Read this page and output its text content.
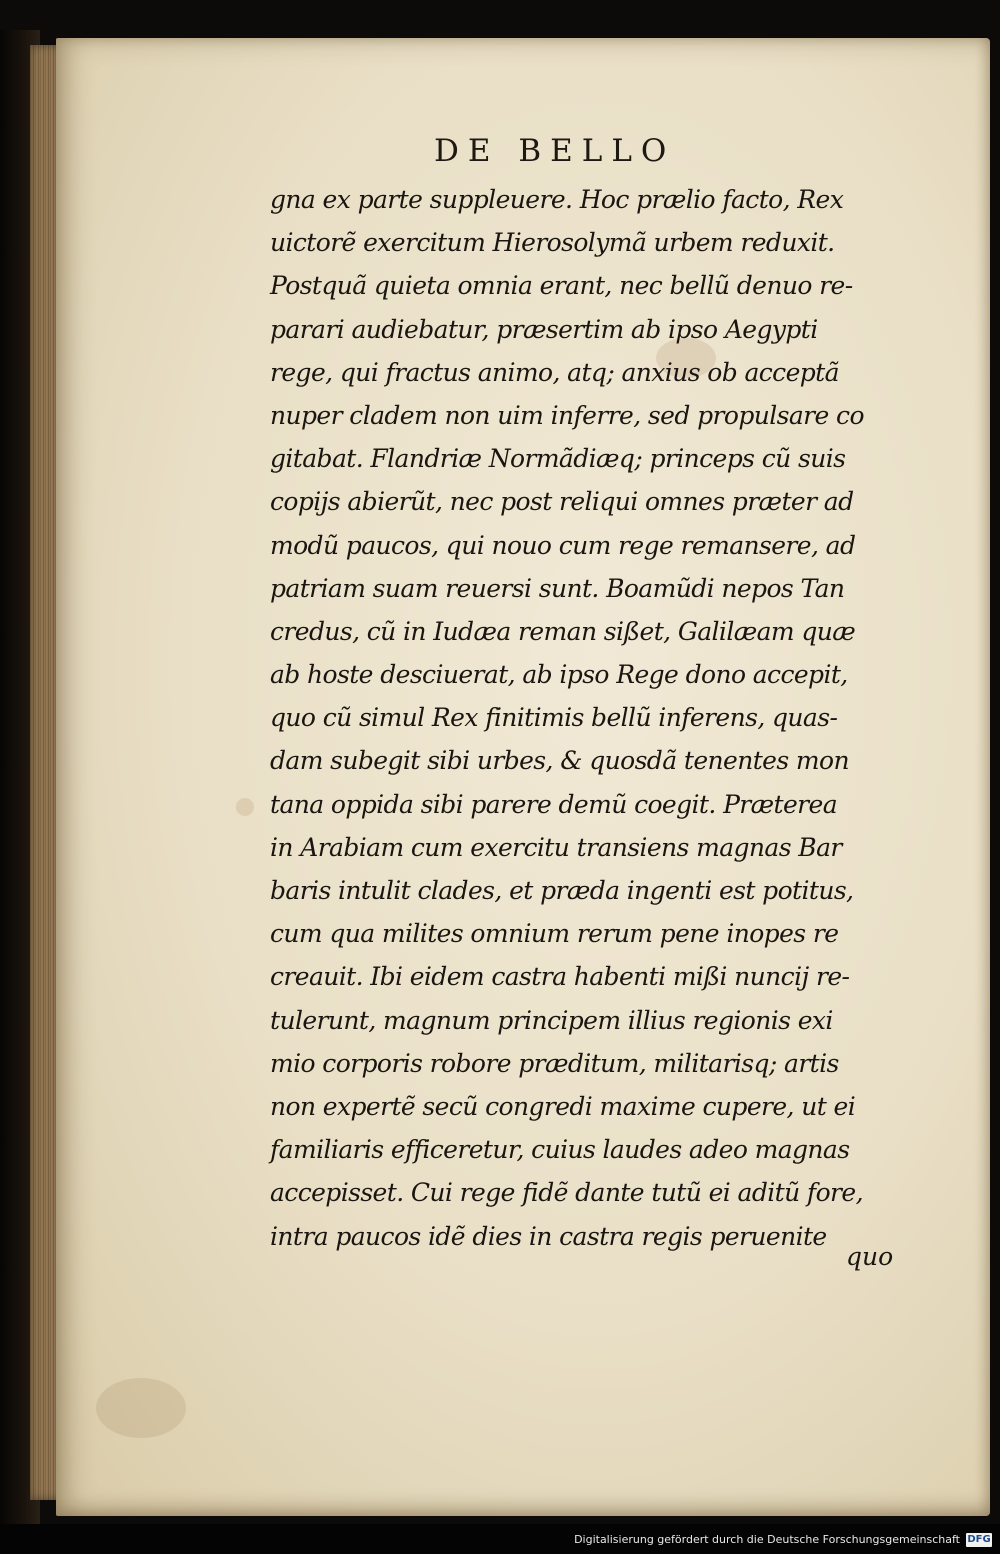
DE BELLO
gna ex parte suppleuere. Hoc prælio facto, Rex
uictorẽ exercitum Hierosolymã urbem reduxit.
Postquã quieta omnia erant, nec bellũ denuo re-
parari audiebatur, præsertim ab ipso Aegypti
rege, qui fractus animo, atq; anxius ob acceptã
nuper cladem non uim inferre, sed propulsare co
gitabat. Flandriæ Normãdiæq; princeps cũ suis
copijs abierũt, nec post reliqui omnes præter ad
modũ paucos, qui nouo cum rege remansere, ad
patriam suam reuersi sunt. Boamũdi nepos Tan
credus, cũ in Iudæa reman sißet, Galilæam quæ
ab hoste desciuerat, ab ipso Rege dono accepit,
quo cũ simul Rex finitimis bellũ inferens, quas-
dam subegit sibi urbes, & quosdã tenentes mon
tana oppida sibi parere demũ coegit. Præterea
in Arabiam cum exercitu transiens magnas Bar
baris intulit clades, et præda ingenti est potitus,
cum qua milites omnium rerum pene inopes re
creauit. Ibi eidem castra habenti mißi nuncij re-
tulerunt, magnum principem illius regionis exi
mio corporis robore præditum, militarisq; artis
non expertẽ secũ congredi maxime cupere, ut ei
familiaris efficeretur, cuius laudes adeo magnas
accepisset. Cui rege fidẽ dante tutũ ei aditũ fore,
intra paucos idẽ dies in castra regis peruenite
quo
Digitalisierung gefördert durch die Deutsche Forschungsgemeinschaft DFG
